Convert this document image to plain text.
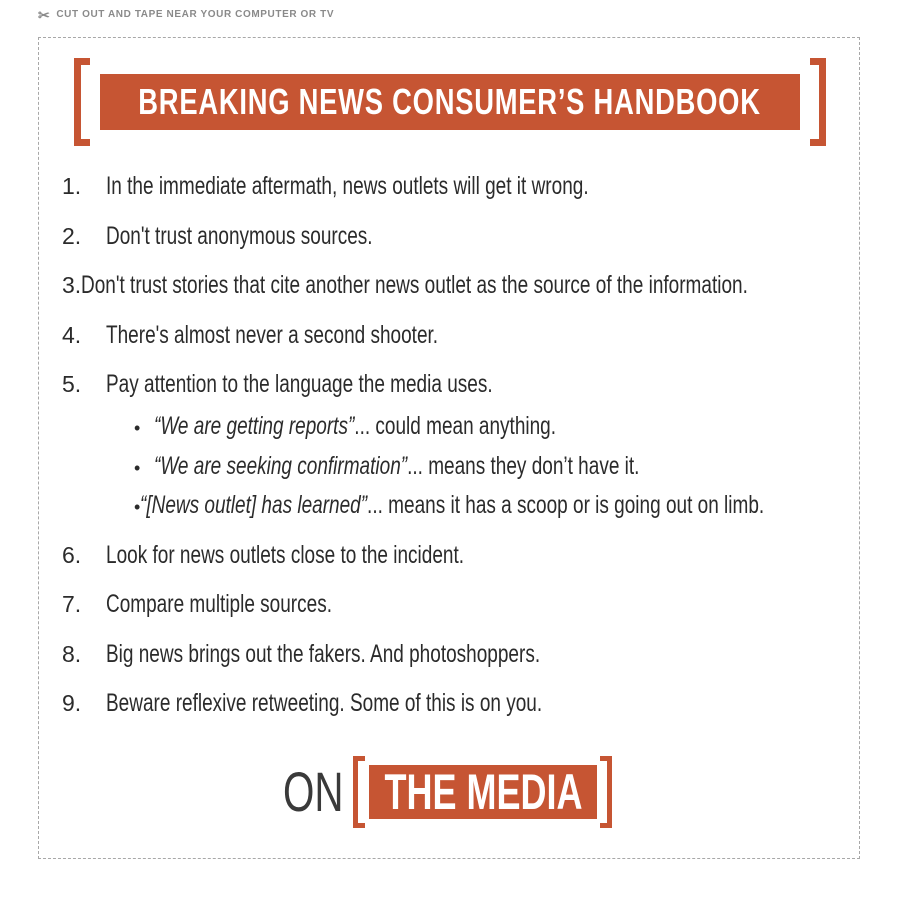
✂ CUT OUT AND TAPE NEAR YOUR COMPUTER OR TV
BREAKING NEWS CONSUMER’S HANDBOOK
1. In the immediate aftermath, news outlets will get it wrong.
2. Don't trust anonymous sources.
3. Don't trust stories that cite another news outlet as the source of the information.
4. There's almost never a second shooter.
5. Pay attention to the language the media uses.
• “We are getting reports”... could mean anything.
• “We are seeking confirmation”... means they don’t have it.
• “[News outlet] has learned”... means it has a scoop or is going out on limb.
6. Look for news outlets close to the incident.
7. Compare multiple sources.
8. Big news brings out the fakers. And photoshoppers.
9. Beware reflexive retweeting. Some of this is on you.
ON THE MEDIA
